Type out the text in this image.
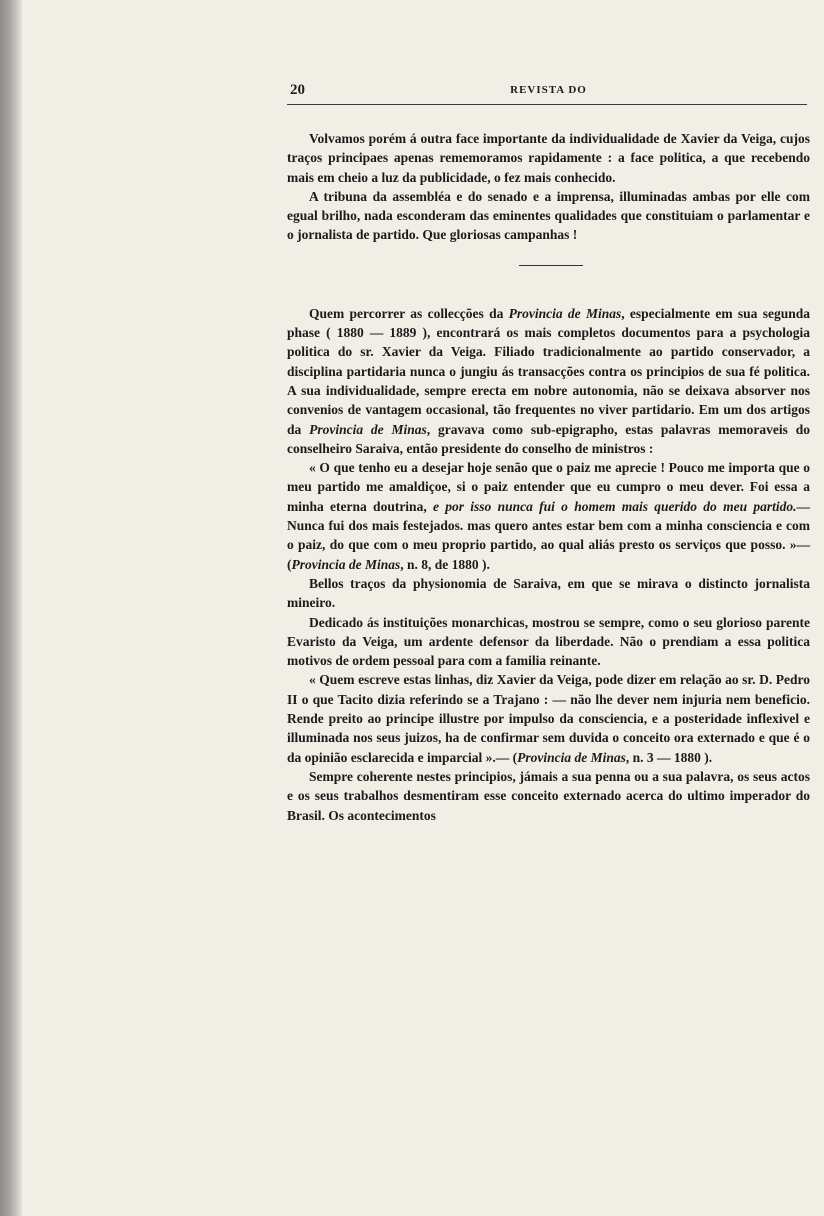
20	REVISTA DO

Volvamos porém á outra face importante da individualidade de Xavier da Veiga, cujos traços principaes apenas rememoramos rapidamente : a face politica, a que recebendo mais em cheio a luz da publicidade, o fez mais conhecido.

A tribuna da assembléa e do senado e a imprensa, illuminadas ambas por elle com egual brilho, nada esconderam das eminentes qualidades que constituiam o parlamentar e o jornalista de partido. Que gloriosas campanhas !

Quem percorrer as collecções da Provincia de Minas, especialmente em sua segunda phase ( 1880 — 1889 ), encontrará os mais completos documentos para a psychologia politica do sr. Xavier da Veiga. Filiado tradicionalmente ao partido conservador, a disciplina partidaria nunca o jungiu ás transacções contra os principios de sua fé politica. A sua individualidade, sempre erecta em nobre autonomia, não se deixava absorver nos convenios de vantagem occasional, tão frequentes no viver partidario. Em um dos artigos da Provincia de Minas, gravava como sub-epigrapho, estas palavras memoraveis do conselheiro Saraiva, então presidente do conselho de ministros :

« O que tenho eu a desejar hoje senão que o paiz me aprecie ! Pouco me importa que o meu partido me amaldiçoe, si o paiz entender que eu cumpro o meu dever. Foi essa a minha eterna doutrina, e por isso nunca fui o homem mais querido do meu partido.— Nunca fui dos mais festejados. mas quero antes estar bem com a minha consciencia e com o paiz, do que com o meu proprio partido, ao qual aliás presto os serviços que posso. »— (Provincia de Minas, n. 8, de 1880 ).

Bellos traços da physionomia de Saraiva, em que se mirava o distincto jornalista mineiro.

Dedicado ás instituições monarchicas, mostrou se sempre, como o seu glorioso parente Evaristo da Veiga, um ardente defensor da liberdade. Não o prendiam a essa politica motivos de ordem pessoal para com a familia reinante.

« Quem escreve estas linhas, diz Xavier da Veiga, pode dizer em relação ao sr. D. Pedro II o que Tacito dizia referindo se a Trajano : — não lhe dever nem injuria nem beneficio. Rende preito ao principe illustre por impulso da consciencia, e a posteridade inflexivel e illuminada nos seus juizos, ha de confirmar sem duvida o conceito ora externado e que é o da opinião esclarecida e imparcial ».— (Provincia de Minas, n. 3 — 1880 ).

Sempre coherente nestes principios, jámais a sua penna ou a sua palavra, os seus actos e os seus trabalhos desmentiram esse conceito externado acerca do ultimo imperador do Brasil. Os acontecimentos
